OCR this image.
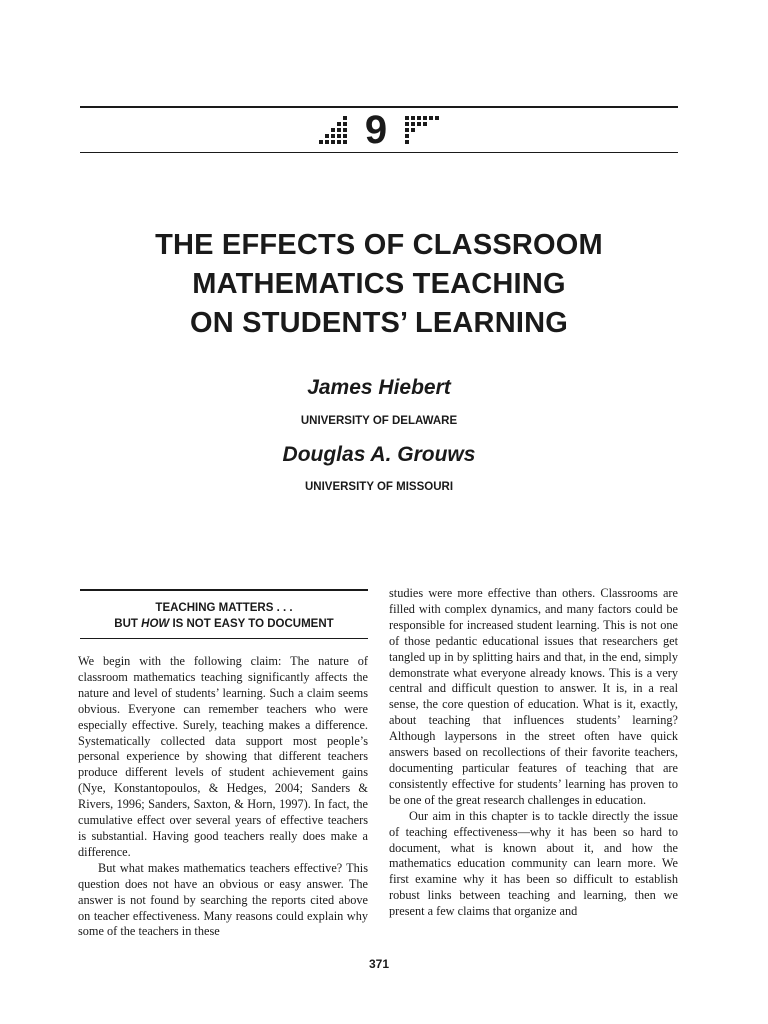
9
THE EFFECTS OF CLASSROOM
MATHEMATICS TEACHING
ON STUDENTS’ LEARNING
James Hiebert
UNIVERSITY OF DELAWARE
Douglas A. Grouws
UNIVERSITY OF MISSOURI
TEACHING MATTERS . . .
BUT HOW IS NOT EASY TO DOCUMENT

We begin with the following claim: The nature of classroom mathematics teaching significantly affects the nature and level of students’ learning. Such a claim seems obvious. Everyone can remember teachers who were especially effective. Surely, teaching makes a difference. Systematically collected data support most people’s personal experience by showing that different teachers produce different levels of student achievement gains (Nye, Konstantopoulos, & Hedges, 2004; Sanders & Rivers, 1996; Sanders, Saxton, & Horn, 1997). In fact, the cumulative effect over several years of effective teachers is substantial. Having good teachers really does make a difference.

But what makes mathematics teachers effective? This question does not have an obvious or easy answer. The answer is not found by searching the reports cited above on teacher effectiveness. Many reasons could explain why some of the teachers in these

studies were more effective than others. Classrooms are filled with complex dynamics, and many factors could be responsible for increased student learning. This is not one of those pedantic educational issues that researchers get tangled up in by splitting hairs and that, in the end, simply demonstrate what everyone already knows. This is a very central and difficult question to answer. It is, in a real sense, the core question of education. What is it, exactly, about teaching that influences students’ learning? Although laypersons in the street often have quick answers based on recollections of their favorite teachers, documenting particular features of teaching that are consistently effective for students’ learning has proven to be one of the great research challenges in education.

Our aim in this chapter is to tackle directly the issue of teaching effectiveness—why it has been so hard to document, what is known about it, and how the mathematics education community can learn more. We first examine why it has been so difficult to establish robust links between teaching and learning, then we present a few claims that organize and

371
